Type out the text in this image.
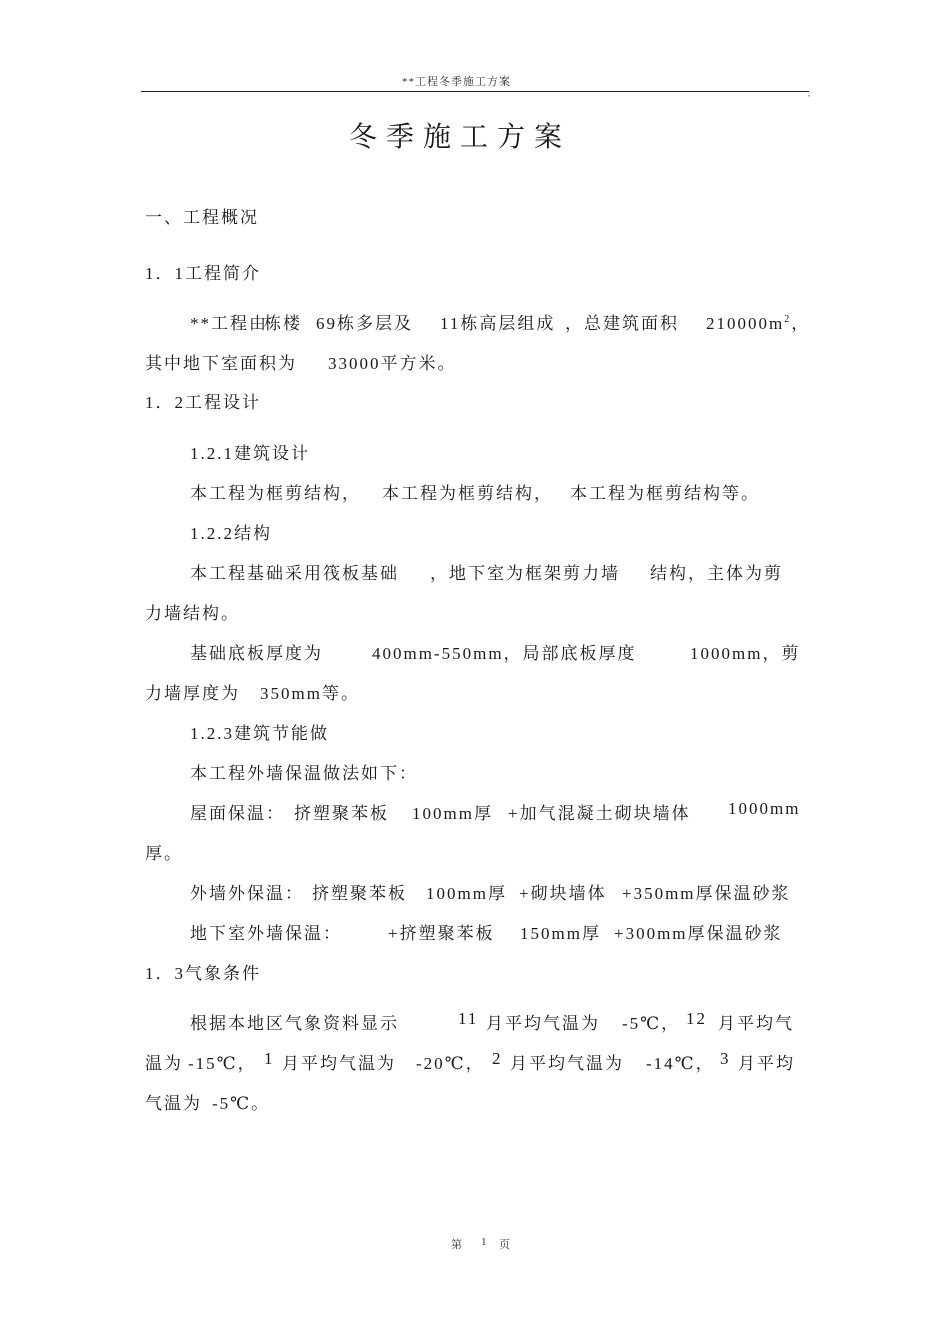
**工程冬季施工方案
,
冬季施工方案
一、工程概况
1．1工程简介
**工程由
栋楼 69栋多层及 11栋高层组成 ，总建筑面积 $210000m^2$，
其中地下室面积为 33000平方米。
1．2工程设计
1.2.1建筑设计
本工程为框剪结构， 本工程为框剪结构， 本工程为框剪结构等。
1.2.2结构
本工程基础采用筏板基础 ，地下室为框架剪力墙 结构，主体为剪
力墙结构。
基础底板厚度为	400mm-550mm，局部底板厚度	1000mm，剪
力墙厚度为 350mm等。
1.2.3建筑节能做
本工程外墙保温做法如下：
屋面保温： 挤塑聚苯板 100mm厚 +加气混凝土砌块墙体 1000mm
厚。
外墙外保温： 挤塑聚苯板 100mm厚 +砌块墙体 +350mm厚保温砂浆
地下室外墙保温：	+挤塑聚苯板 150mm厚 +300mm厚保温砂浆
1．3气象条件
根据本地区气象资料显示	11 月平均气温为 -5℃， 12 月平均气
温为 -15℃， 1 月平均气温为 -20℃， 2 月平均气温为 -14℃， 3 月平均
气温为 -5℃。
第 1 页
